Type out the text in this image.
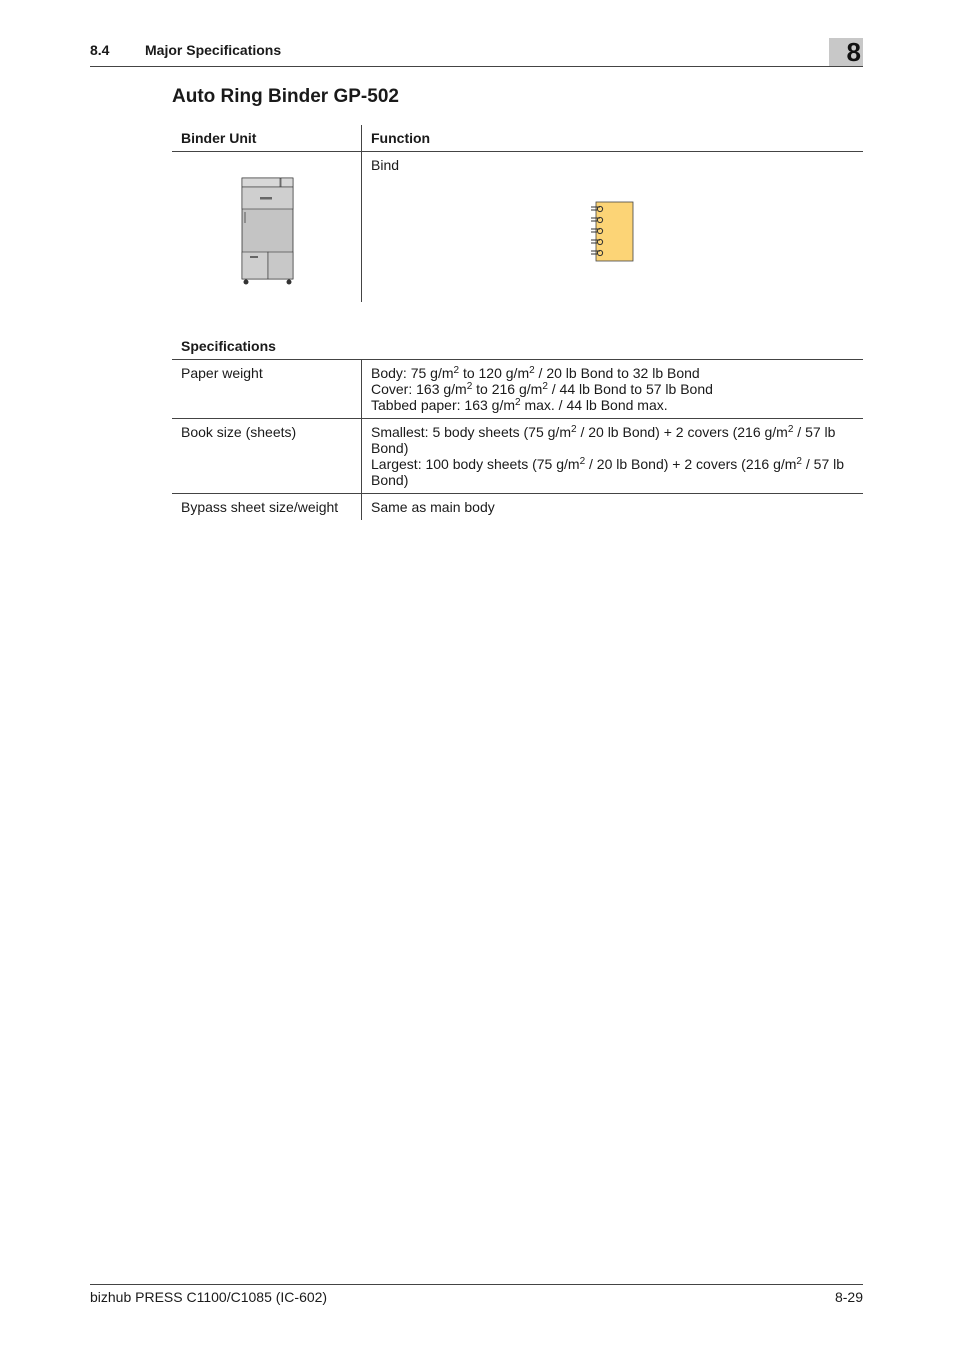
8.4	Major Specifications	8
Auto Ring Binder GP-502
Binder Unit	Function

	Bind
Specifications	
Paper weight	Body: 75 $g/m^2$ to 120 $g/m^2 / 20$ lb Bond to 32 lb Bond
Cover: 163 $g/m^2$ to 216 $g/m^2 / 44$ lb Bond to 57 lb Bond
Tabbed paper: 163 $g/m^2$ max. / 44 lb Bond max.

Book size (sheets)	Smallest: 5 body sheets (75 $g/m^2 / 20$ lb Bond) + 2 covers (216 $g/m^2 / 57$ lb Bond)
Largest: 100 body sheets (75 $g/m^2 / 20$ lb Bond) + 2 covers (216 $g/m^2 / 57$ lb Bond)

Bypass sheet size/weight	Same as main body
bizhub PRESS C1100/C1085 (IC-602)	8-29
